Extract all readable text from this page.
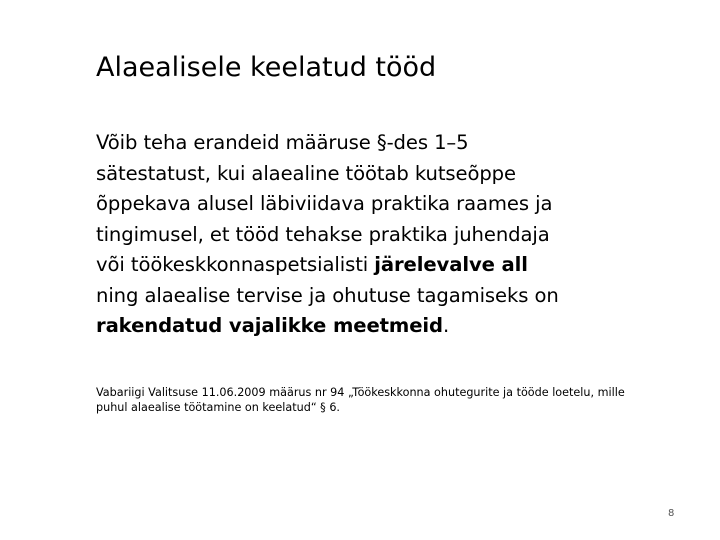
Alaealisele keelatud tööd
Võib teha erandeid määruse §-des 1–5
sätestatust, kui alaealine töötab kutseõppe
õppekava alusel läbiviidava praktika raames ja
tingimusel, et tööd tehakse praktika juhendaja
või töökeskkonnaspetsialisti järelevalve all
ning alaealise tervise ja ohutuse tagamiseks on
rakendatud vajalikke meetmeid.
Vabariigi Valitsuse 11.06.2009 määrus nr 94 „Töökeskkonna ohutegurite ja tööde loetelu, mille
puhul alaealise töötamine on keelatud“ § 6.
8
